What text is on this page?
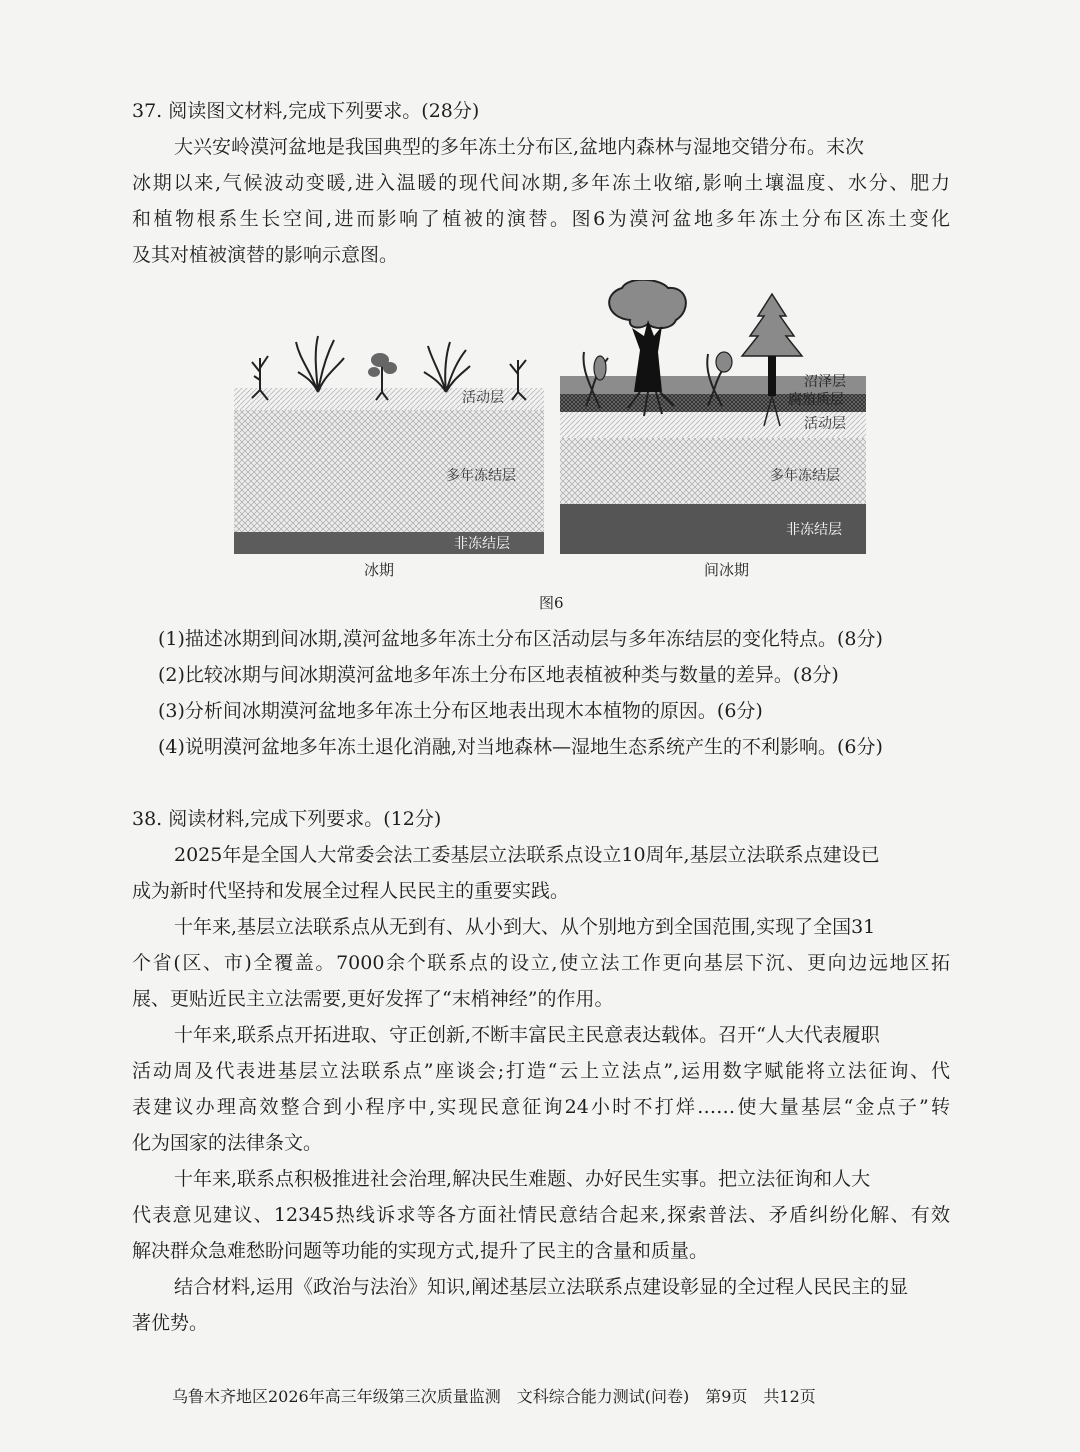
37. 阅读图文材料,完成下列要求。(28分)
大兴安岭漠河盆地是我国典型的多年冻土分布区,盆地内森林与湿地交错分布。末次
冰期以来,气候波动变暖,进入温暖的现代间冰期,多年冻土收缩,影响土壤温度、水分、肥力
和植物根系生长空间,进而影响了植被的演替。图6为漠河盆地多年冻土分布区冻土变化
及其对植被演替的影响示意图。
活动层
多年冻结层
非冻结层
冰期
沼泽层
腐殖质层
活动层
多年冻结层
非冻结层
间冰期
图6
(1)描述冰期到间冰期,漠河盆地多年冻土分布区活动层与多年冻结层的变化特点。(8分)
(2)比较冰期与间冰期漠河盆地多年冻土分布区地表植被种类与数量的差异。(8分)
(3)分析间冰期漠河盆地多年冻土分布区地表出现木本植物的原因。(6分)
(4)说明漠河盆地多年冻土退化消融,对当地森林—湿地生态系统产生的不利影响。(6分)
38. 阅读材料,完成下列要求。(12分)
2025年是全国人大常委会法工委基层立法联系点设立10周年,基层立法联系点建设已
成为新时代坚持和发展全过程人民民主的重要实践。
十年来,基层立法联系点从无到有、从小到大、从个别地方到全国范围,实现了全国31
个省(区、市)全覆盖。7000余个联系点的设立,使立法工作更向基层下沉、更向边远地区拓
展、更贴近民主立法需要,更好发挥了“末梢神经”的作用。
十年来,联系点开拓进取、守正创新,不断丰富民主民意表达载体。召开“人大代表履职
活动周及代表进基层立法联系点”座谈会;打造“云上立法点”,运用数字赋能将立法征询、代
表建议办理高效整合到小程序中,实现民意征询24小时不打烊……使大量基层“金点子”转
化为国家的法律条文。
十年来,联系点积极推进社会治理,解决民生难题、办好民生实事。把立法征询和人大
代表意见建议、12345热线诉求等各方面社情民意结合起来,探索普法、矛盾纠纷化解、有效
解决群众急难愁盼问题等功能的实现方式,提升了民主的含量和质量。
结合材料,运用《政治与法治》知识,阐述基层立法联系点建设彰显的全过程人民民主的显
著优势。
乌鲁木齐地区2026年高三年级第三次质量监测　文科综合能力测试(问卷)　第9页　共12页
